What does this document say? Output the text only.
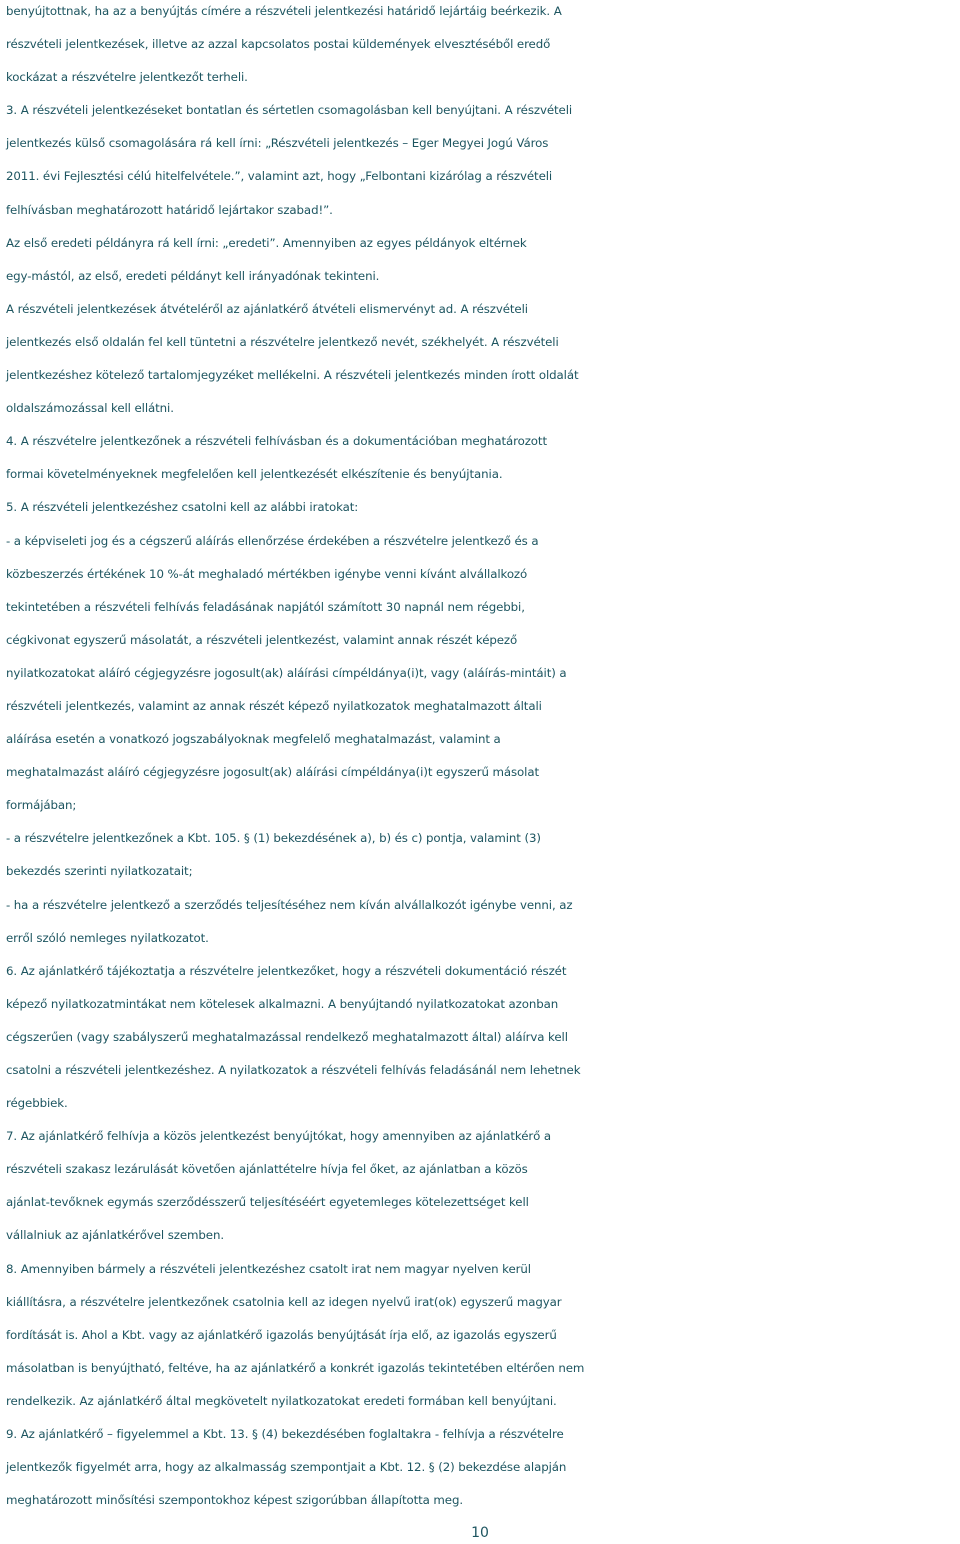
benyújtottnak, ha az a benyújtás címére a részvételi jelentkezési határidő lejártáig beérkezik. A
részvételi jelentkezések, illetve az azzal kapcsolatos postai küldemények elvesztéséből eredő
kockázat a részvételre jelentkezőt terheli.
3. A részvételi jelentkezéseket bontatlan és sértetlen csomagolásban kell benyújtani. A részvételi
jelentkezés külső csomagolására rá kell írni: „Részvételi jelentkezés – Eger Megyei Jogú Város
2011. évi Fejlesztési célú hitelfelvétele.”, valamint azt, hogy „Felbontani kizárólag a részvételi
felhívásban meghatározott határidő lejártakor szabad!”.
Az első eredeti példányra rá kell írni: „eredeti”. Amennyiben az egyes példányok eltérnek
egy-mástól, az első, eredeti példányt kell irányadónak tekinteni.
A részvételi jelentkezések átvételéről az ajánlatkérő átvételi elismervényt ad. A részvételi
jelentkezés első oldalán fel kell tüntetni a részvételre jelentkező nevét, székhelyét. A részvételi
jelentkezéshez kötelező tartalomjegyzéket mellékelni. A részvételi jelentkezés minden írott oldalát
oldalszámozással kell ellátni.
4. A részvételre jelentkezőnek a részvételi felhívásban és a dokumentációban meghatározott
formai követelményeknek megfelelően kell jelentkezését elkészítenie és benyújtania.
5. A részvételi jelentkezéshez csatolni kell az alábbi iratokat:
- a képviseleti jog és a cégszerű aláírás ellenőrzése érdekében a részvételre jelentkező és a
közbeszerzés értékének 10 %-át meghaladó mértékben igénybe venni kívánt alvállalkozó
tekintetében a részvételi felhívás feladásának napjától számított 30 napnál nem régebbi,
cégkivonat egyszerű másolatát, a részvételi jelentkezést, valamint annak részét képező
nyilatkozatokat aláíró cégjegyzésre jogosult(ak) aláírási címpéldánya(i)t, vagy (aláírás-mintáit) a
részvételi jelentkezés, valamint az annak részét képező nyilatkozatok meghatalmazott általi
aláírása esetén a vonatkozó jogszabályoknak megfelelő meghatalmazást, valamint a
meghatalmazást aláíró cégjegyzésre jogosult(ak) aláírási címpéldánya(i)t egyszerű másolat
formájában;
- a részvételre jelentkezőnek a Kbt. 105. § (1) bekezdésének a), b) és c) pontja, valamint (3)
bekezdés szerinti nyilatkozatait;
- ha a részvételre jelentkező a szerződés teljesítéséhez nem kíván alvállalkozót igénybe venni, az
erről szóló nemleges nyilatkozatot.
6. Az ajánlatkérő tájékoztatja a részvételre jelentkezőket, hogy a részvételi dokumentáció részét
képező nyilatkozatmintákat nem kötelesek alkalmazni. A benyújtandó nyilatkozatokat azonban
cégszerűen (vagy szabályszerű meghatalmazással rendelkező meghatalmazott által) aláírva kell
csatolni a részvételi jelentkezéshez. A nyilatkozatok a részvételi felhívás feladásánál nem lehetnek
régebbiek.
7. Az ajánlatkérő felhívja a közös jelentkezést benyújtókat, hogy amennyiben az ajánlatkérő a
részvételi szakasz lezárulását követően ajánlattételre hívja fel őket, az ajánlatban a közös
ajánlat-tevőknek egymás szerződésszerű teljesítéséért egyetemleges kötelezettséget kell
vállalniuk az ajánlatkérővel szemben.
8. Amennyiben bármely a részvételi jelentkezéshez csatolt irat nem magyar nyelven kerül
kiállításra, a részvételre jelentkezőnek csatolnia kell az idegen nyelvű irat(ok) egyszerű magyar
fordítását is. Ahol a Kbt. vagy az ajánlatkérő igazolás benyújtását írja elő, az igazolás egyszerű
másolatban is benyújtható, feltéve, ha az ajánlatkérő a konkrét igazolás tekintetében eltérően nem
rendelkezik. Az ajánlatkérő által megkövetelt nyilatkozatokat eredeti formában kell benyújtani.
9. Az ajánlatkérő – figyelemmel a Kbt. 13. § (4) bekezdésében foglaltakra - felhívja a részvételre
jelentkezők figyelmét arra, hogy az alkalmasság szempontjait a Kbt. 12. § (2) bekezdése alapján
meghatározott minősítési szempontokhoz képest szigorúbban állapította meg.
10
